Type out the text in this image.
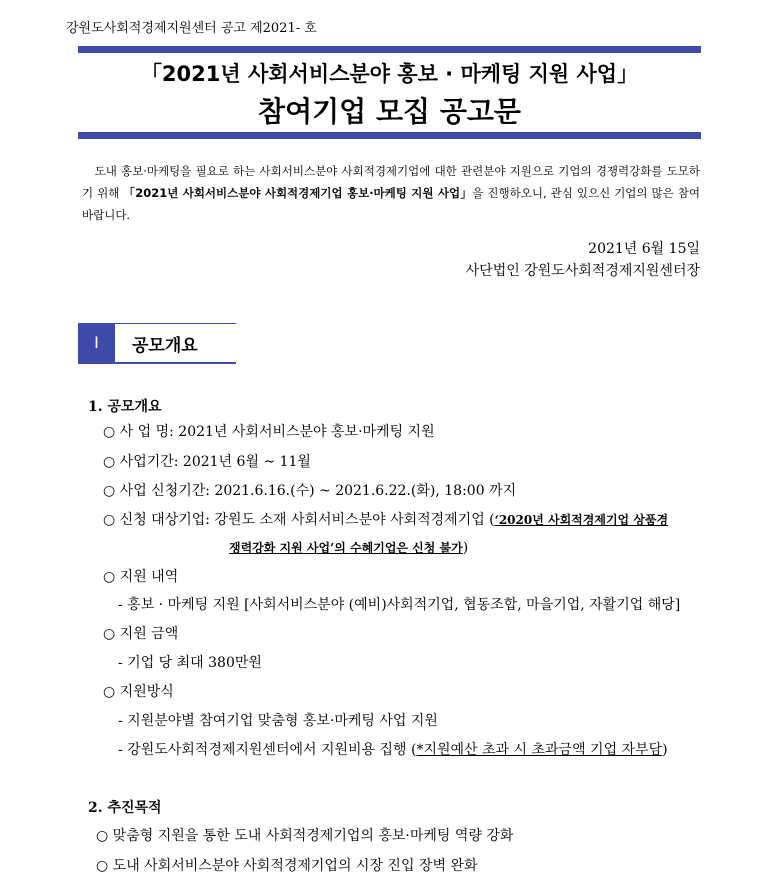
강원도사회적경제지원센터 공고 제2021- 호
「2021년 사회서비스분야 홍보 · 마케팅 지원 사업」
참여기업 모집 공고문
도내 홍보·마케팅을 필요로 하는 사회서비스분야 사회적경제기업에 대한 관련분야 지원으로 기업의 경쟁력강화를 도모하기 위해 「2021년 사회서비스분야 사회적경제기업 홍보·마케팅 지원 사업」을 진행하오니, 관심 있으신 기업의 많은 참여바랍니다.
2021년 6월 15일
사단법인 강원도사회적경제지원센터장
Ⅰ	공모개요
1. 공모개요
○ 사 업 명: 2021년 사회서비스분야 홍보·마케팅 지원
○ 사업기간: 2021년 6월 ~ 11월
○ 사업 신청기간: 2021.6.16.(수) ~ 2021.6.22.(화), 18:00 까지
○ 신청 대상기업: 강원도 소재 사회서비스분야 사회적경제기업 (‘2020년 사회적경제기업 상품경
쟁력강화 지원 사업’의 수혜기업은 신청 불가)
○ 지원 내역
- 홍보 · 마케팅 지원 [사회서비스분야 (예비)사회적기업, 협동조합, 마을기업, 자활기업 해당]
○ 지원 금액
- 기업 당 최대 380만원
○ 지원방식
- 지원분야별 참여기업 맞춤형 홍보·마케팅 사업 지원
- 강원도사회적경제지원센터에서 지원비용 집행 (*지원예산 초과 시 초과금액 기업 자부담)
2. 추진목적
○ 맞춤형 지원을 통한 도내 사회적경제기업의 홍보·마케팅 역량 강화
○ 도내 사회서비스분야 사회적경제기업의 시장 진입 장벽 완화
